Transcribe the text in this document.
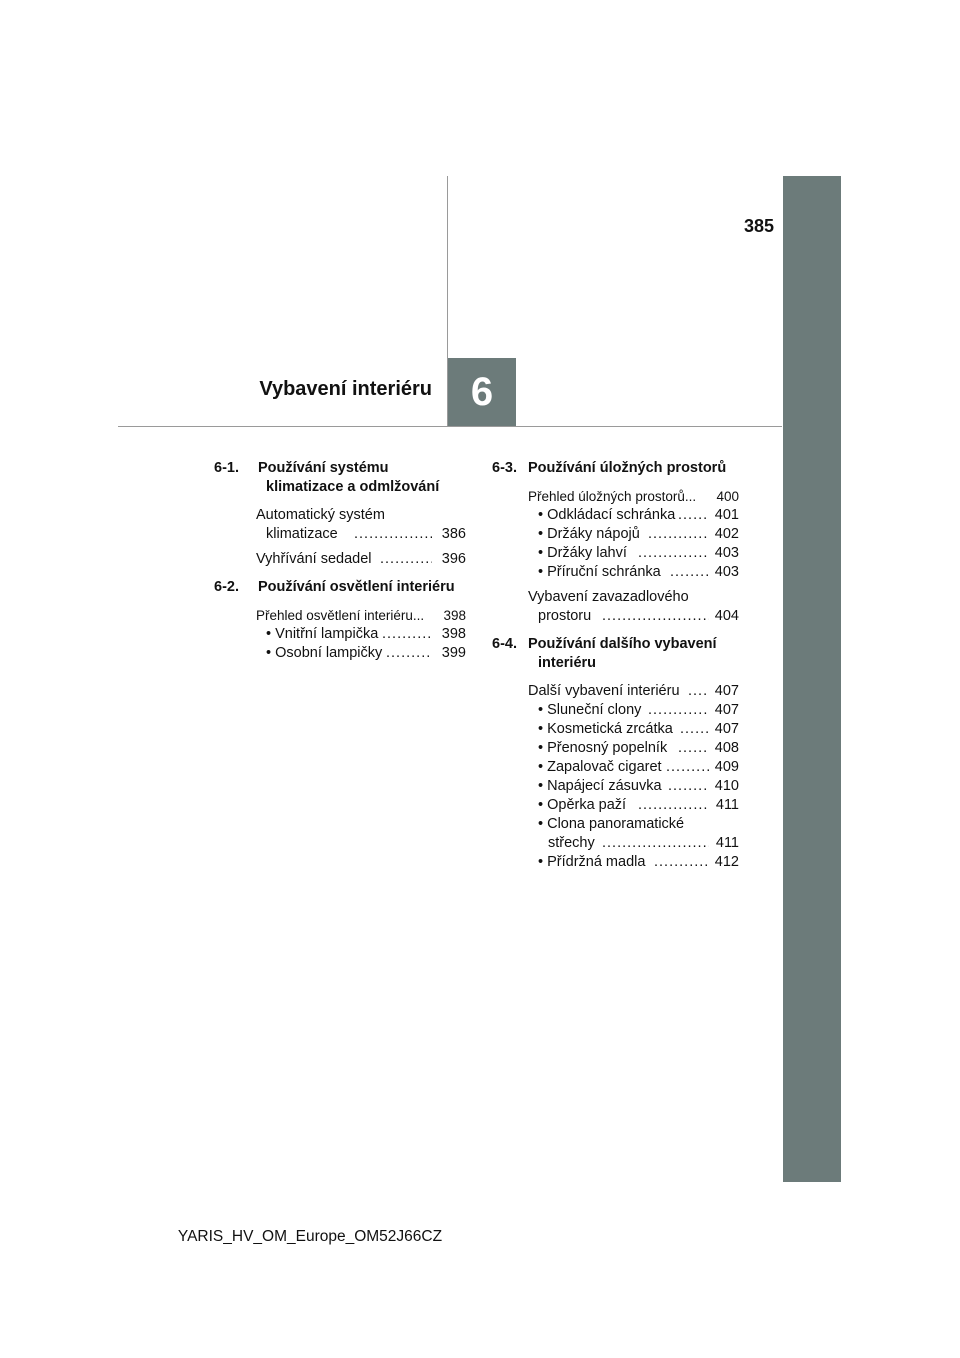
6
385
Vybavení interiéru
6-1. Používání systému
klimatizace a odmlžování
Automatický systém
klimatizace .....	386
Vyhřívání sedadel .....	396
6-2. Používání osvětlení interiéru
Přehled osvětlení interiéru... 398
• Vnitřní lampička .....	398
• Osobní lampičky .....	399
6-3. Používání úložných prostorů
Přehled úložných prostorů... 400
• Odkládací schránka .....	401
• Držáky nápojů .....	402
• Držáky lahví .....	403
• Příruční schránka .....	403
Vybavení zavazadlového
prostoru .....	404
6-4. Používání dalšího vybavení
interiéru
Další vybavení interiéru ..... 407
• Sluneční clony .....	407
• Kosmetická zrcátka .....	407
• Přenosný popelník .....	408
• Zapalovač cigaret .....	409
• Napájecí zásuvka .....	410
• Opěrka paží .....	411
• Clona panoramatické
střechy .....	411
• Přídržná madla .....	412
YARIS_HV_OM_Europe_OM52J66CZ
